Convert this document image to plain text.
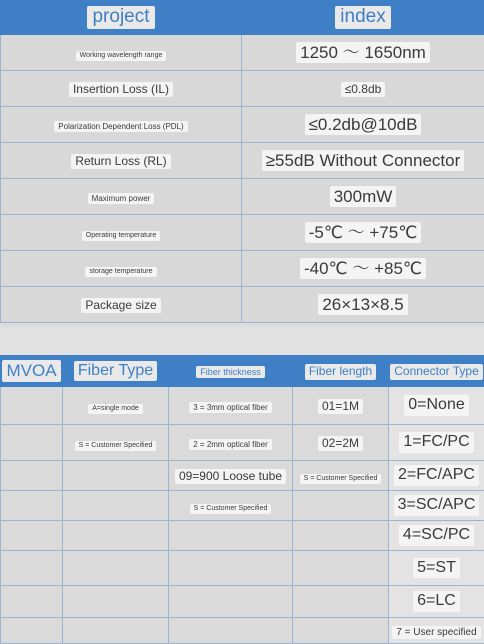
project	index
Working wavelength range	1250 ～ 1650nm
Insertion Loss (IL)	≤0.8db
Polarization Dependent Loss (PDL)	≤0.2db@10dB
Return Loss (RL)	≥55dB Without Connector
Maximum power	300mW
Operating temperature	-5℃ ～ +75℃
storage temperature	-40℃ ～ +85℃
Package size	26×13×8.5
MVOA	Fiber Type	Fiber thickness	Fiber length	Connector Type
	A=single mode	3 = 3mm optical fiber	01=1M	0=None
	S = Customer Specified	2 = 2mm optical fiber	02=2M	1=FC/PC
		09=900 Loose tube	S = Customer Specified	2=FC/APC
		S = Customer Specified		3=SC/APC
				4=SC/PC
				5=ST
				6=LC
				7 = User specified
